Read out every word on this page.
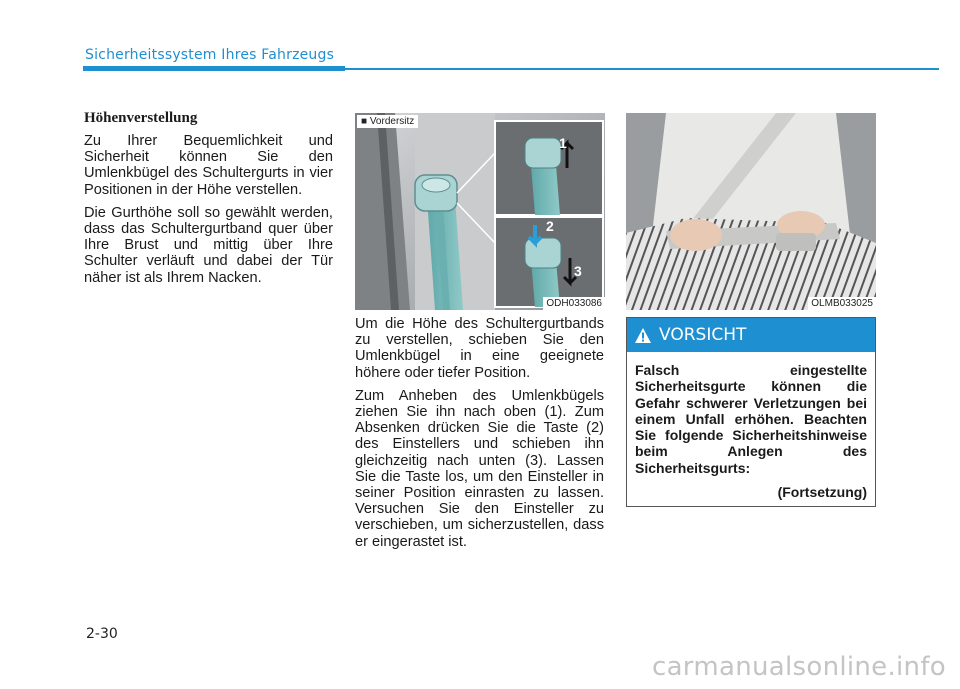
Sicherheitssystem Ihres Fahrzeugs
Höhenverstellung

Zu Ihrer Bequemlichkeit und Sicherheit können Sie den Umlenkbügel des Schultergurts in vier Positionen in der Höhe verstellen.

Die Gurthöhe soll so gewählt werden, dass das Schultergurtband quer über Ihre Brust und mittig über Ihre Schulter verläuft und dabei der Tür näher ist als Ihrem Nacken.

■ Vordersitz
1
2
3
ODH033086	OLMB033025

Um die Höhe des Schultergurtbands zu verstellen, schieben Sie den Umlenkbügel in eine geeignete höhere oder tiefer Position.

Zum Anheben des Umlenkbügels ziehen Sie ihn nach oben (1). Zum Absenken drücken Sie die Taste (2) des Einstellers und schieben ihn gleichzeitig nach unten (3). Lassen Sie die Taste los, um den Einsteller in seiner Position einrasten zu lassen. Versuchen Sie den Einsteller zu verschieben, um sicherzustellen, dass er eingerastet ist.

VORSICHT
Falsch eingestellte Sicherheitsgurte können die Gefahr schwerer Verletzungen bei einem Unfall erhöhen. Beachten Sie folgende Sicherheitshinweise beim Anlegen des Sicherheitsgurts:
(Fortsetzung)
2-30
carmanualsonline.info
